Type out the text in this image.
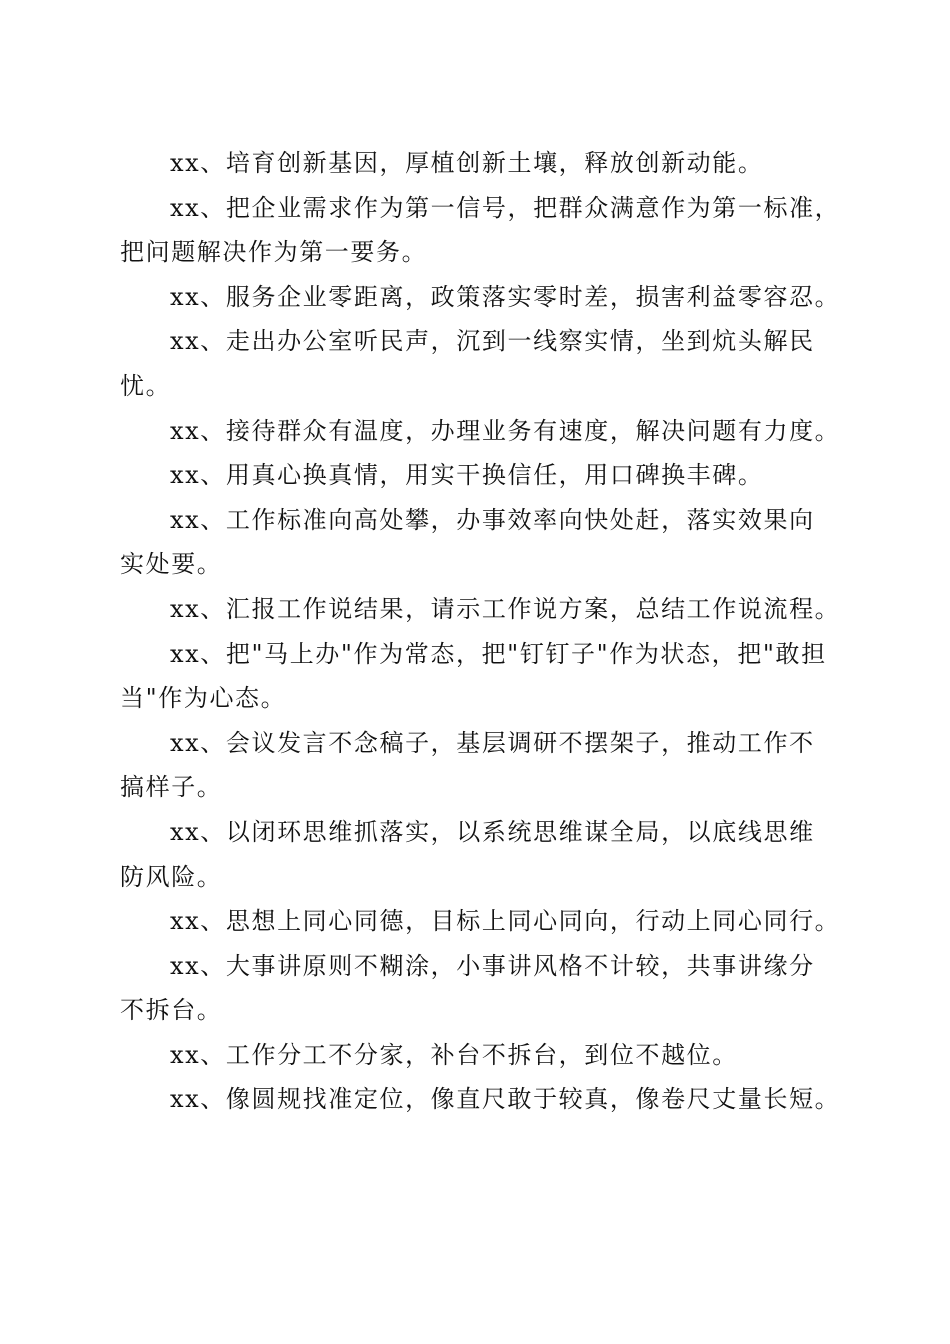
xx、培育创新基因，厚植创新土壤，释放创新动能。
xx、把企业需求作为第一信号，把群众满意作为第一标准，
把问题解决作为第一要务。
xx、服务企业零距离，政策落实零时差，损害利益零容忍。
xx、走出办公室听民声，沉到一线察实情，坐到炕头解民
忧。
xx、接待群众有温度，办理业务有速度，解决问题有力度。
xx、用真心换真情，用实干换信任，用口碑换丰碑。
xx、工作标准向高处攀，办事效率向快处赶，落实效果向
实处要。
xx、汇报工作说结果，请示工作说方案，总结工作说流程。
xx、把"马上办"作为常态，把"钉钉子"作为状态，把"敢担
当"作为心态。
xx、会议发言不念稿子，基层调研不摆架子，推动工作不
搞样子。
xx、以闭环思维抓落实，以系统思维谋全局，以底线思维
防风险。
xx、思想上同心同德，目标上同心同向，行动上同心同行。
xx、大事讲原则不糊涂，小事讲风格不计较，共事讲缘分
不拆台。
xx、工作分工不分家，补台不拆台，到位不越位。
xx、像圆规找准定位，像直尺敢于较真，像卷尺丈量长短。
